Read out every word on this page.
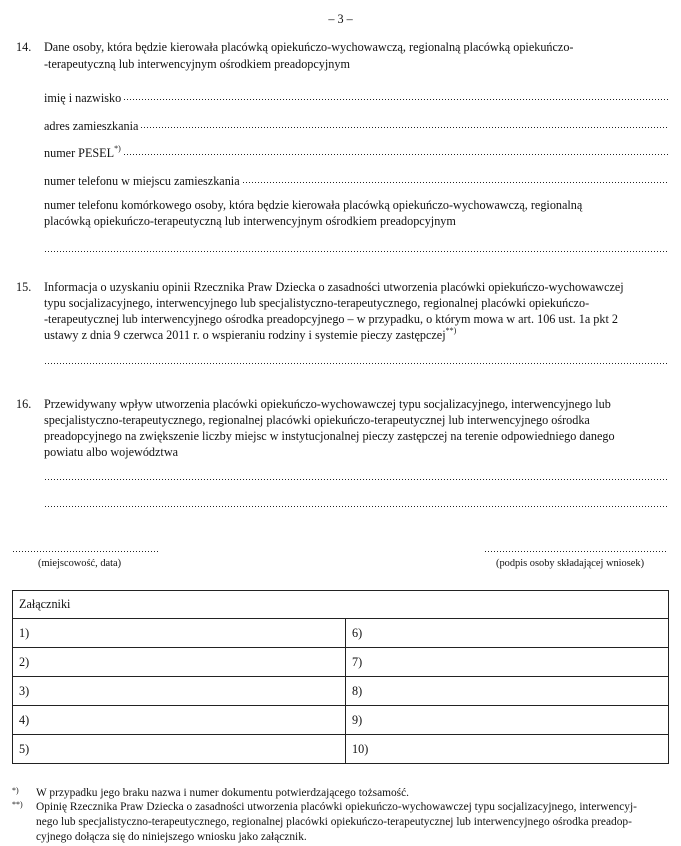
– 3 –
14. Dane osoby, która będzie kierowała placówką opiekuńczo-wychowawczą, regionalną placówką opiekuńczo-
-terapeutyczną lub interwencyjnym ośrodkiem preadopcyjnym
imię i nazwisko
adres zamieszkania
numer PESEL*)
numer telefonu w miejscu zamieszkania
numer telefonu komórkowego osoby, która będzie kierowała placówką opiekuńczo-wychowawczą, regionalną
placówką opiekuńczo-terapeutyczną lub interwencyjnym ośrodkiem preadopcyjnym
15. Informacja o uzyskaniu opinii Rzecznika Praw Dziecka o zasadności utworzenia placówki opiekuńczo-wychowawczej
typu socjalizacyjnego, interwencyjnego lub specjalistyczno-terapeutycznego, regionalnej placówki opiekuńczo-
-terapeutycznej lub interwencyjnego ośrodka preadopcyjnego – w przypadku, o którym mowa w art. 106 ust. 1a pkt 2
ustawy z dnia 9 czerwca 2011 r. o wspieraniu rodziny i systemie pieczy zastępczej**)
16. Przewidywany wpływ utworzenia placówki opiekuńczo-wychowawczej typu socjalizacyjnego, interwencyjnego lub
specjalistyczno-terapeutycznego, regionalnej placówki opiekuńczo-terapeutycznej lub interwencyjnego ośrodka
preadopcyjnego na zwiększenie liczby miejsc w instytucjonalnej pieczy zastępczej na terenie odpowiedniego danego
powiatu albo województwa
(miejscowość, data)	(podpis osoby składającej wniosek)
Załączniki	
1)	6)
2)	7)
3)	8)
4)	9)
5)	10)
*) W przypadku jego braku nazwa i numer dokumentu potwierdzającego tożsamość.
**) Opinię Rzecznika Praw Dziecka o zasadności utworzenia placówki opiekuńczo-wychowawczej typu socjalizacyjnego, interwencyj-
nego lub specjalistyczno-terapeutycznego, regionalnej placówki opiekuńczo-terapeutycznej lub interwencyjnego ośrodka preadop-
cyjnego dołącza się do niniejszego wniosku jako załącznik.
